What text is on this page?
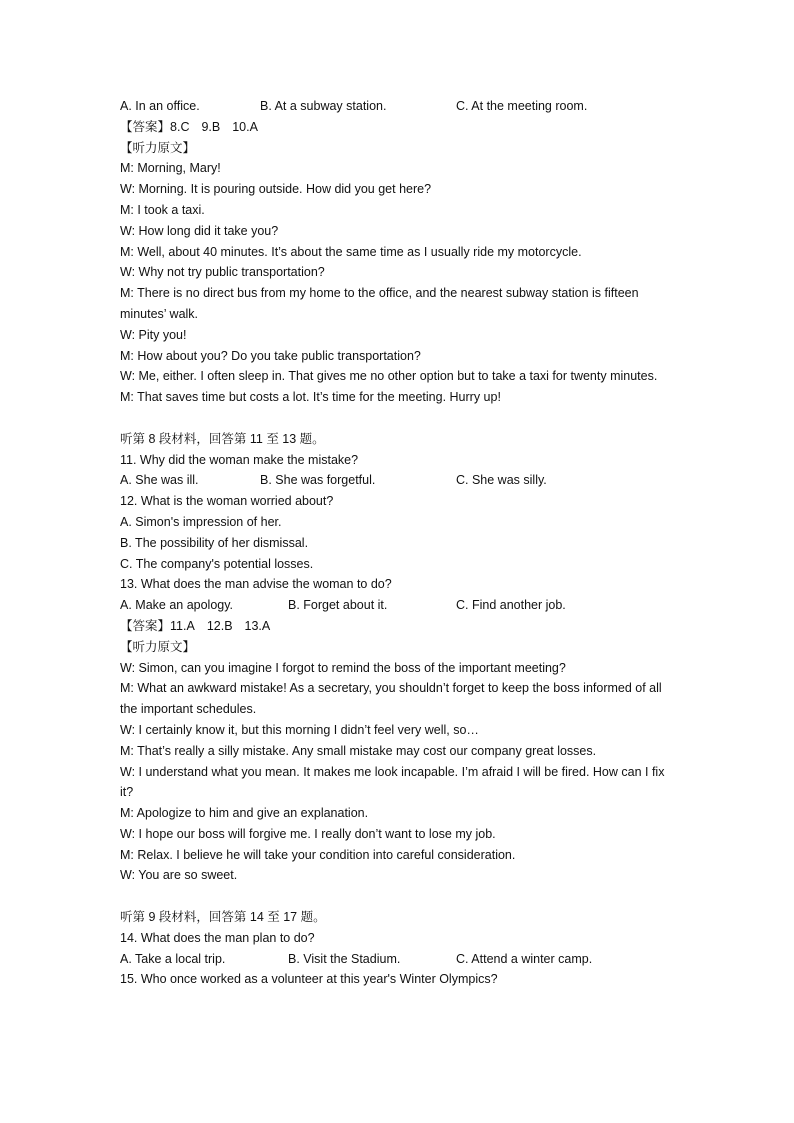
A. In an office.	B. At a subway station.	C. At the meeting room.
【答案】8.C 9.B 10.A
【听力原文】
M: Morning, Mary!
W: Morning. It is pouring outside. How did you get here?
M: I took a taxi.
W: How long did it take you?
M: Well, about 40 minutes. It’s about the same time as I usually ride my motorcycle.
W: Why not try public transportation?
M: There is no direct bus from my home to the office, and the nearest subway station is fifteen minutes’ walk.
W: Pity you!
M: How about you? Do you take public transportation?
W: Me, either. I often sleep in. That gives me no other option but to take a taxi for twenty minutes.
M: That saves time but costs a lot. It’s time for the meeting. Hurry up!
听第 8 段材料，回答第 11 至 13 题。
11. Why did the woman make the mistake?
A. She was ill.	B. She was forgetful.	C. She was silly.
12. What is the woman worried about?
A. Simon's impression of her.
B. The possibility of her dismissal.
C. The company's potential losses.
13. What does the man advise the woman to do?
A. Make an apology.	B. Forget about it.	C. Find another job.
【答案】11.A 12.B 13.A
【听力原文】
W: Simon, can you imagine I forgot to remind the boss of the important meeting?
M: What an awkward mistake! As a secretary, you shouldn’t forget to keep the boss informed of all the important schedules.
W: I certainly know it, but this morning I didn’t feel very well, so…
M: That’s really a silly mistake. Any small mistake may cost our company great losses.
W: I understand what you mean. It makes me look incapable. I’m afraid I will be fired. How can I fix it?
M: Apologize to him and give an explanation.
W: I hope our boss will forgive me. I really don’t want to lose my job.
M: Relax. I believe he will take your condition into careful consideration.
W: You are so sweet.
听第 9 段材料，回答第 14 至 17 题。
14. What does the man plan to do?
A. Take a local trip.	B. Visit the Stadium.	C. Attend a winter camp.
15. Who once worked as a volunteer at this year's Winter Olympics?
